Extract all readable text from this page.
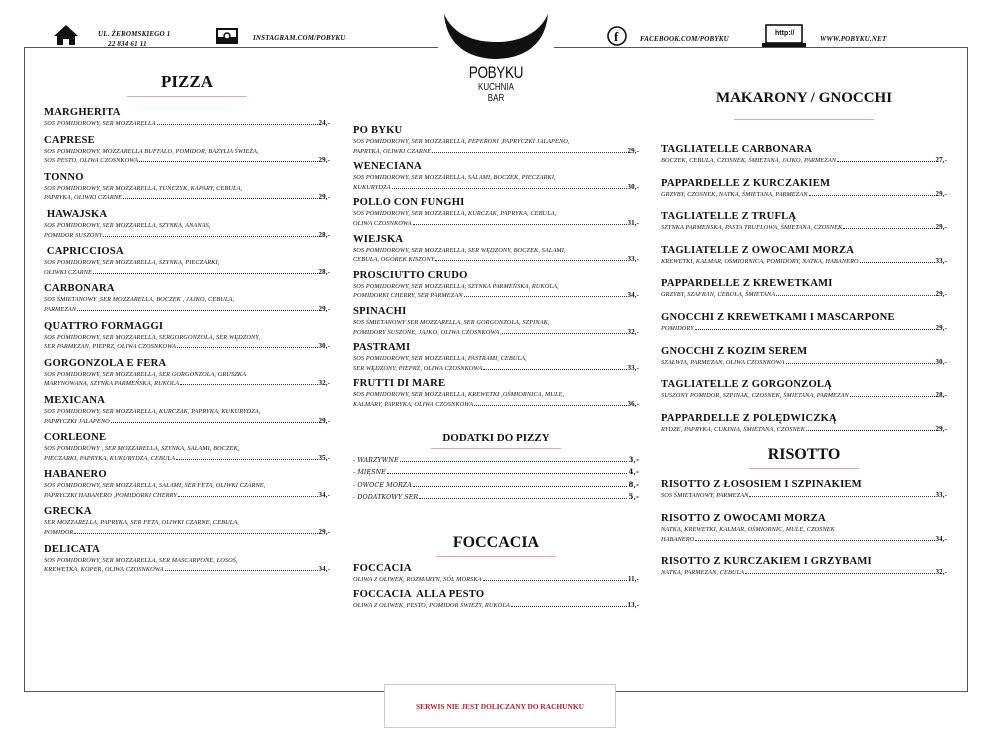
UL. ŻEROMSKIEGO 1
22 834 61 11
INSTAGRAM.COM/POBYKU	f	FACEBOOK.COM/POBYKU
http://
WWW.POBYKU.NET
POBYKU
KUCHNIA
BAR
PIZZA
MARGHERITA
SOS POMIDOROWY, SER MOZZARELLA	24,-
CAPRESE
SOS POMIDOROWY, MOZZARELLA BUFFALO, POMIDOR, BAZYLIA ŚWIEŻA,
SOS PESTO, OLIWA CZOSNKOWA	29,-
TONNO
SOS POMIDOROWY, SER MOZZARELLA, TUŃCZYK, KAPARY, CEBULA,
PAPRYKA, OLIWKI CZARNE	29,-
HAWAJSKA
SOS POMIDOROWY, SER MOZZARELLA, SZYNKA, ANANAS,
POMIDOR SUSZONY	28,-
CAPRICCIOSA
SOS POMIDOROWY, SER MOZZARELLA, SZYNKA, PIECZARKI,
OLIWKI CZARNE	28,-
CARBONARA
SOS ŚMIETANOWY ,SER MOZZARELLA, BOCZEK , JAJKO, CEBULA,
PARMEZAN	29,-
QUATTRO FORMAGGI
SOS POMIDOROWY, SER MOZZARELLA, SERGORGONZOLA, SER WĘDZONY,
SER PARMEZAN, PIEPRZ, OLIWA CZOSNKOWA	30,-
GORGONZOLA E FERA
SOS POMIDOROWY, SER MOZZARELLA, SER GORGONZOLA, GRUSZKA
MARYNOWANA, SZYNKA PARMEŃSKA, RUKOLA	32,-
MEXICANA
SOS POMIDOROWY, SER MOZZARELLA, KURCZAK, PAPRYKA, KUKURYDZA,
PAPRYCZKI JALAPENO	29,-
CORLEONE
SOS POMIDOROWY , SER MOZZARELLA, SZYNKA, SALAMI, BOCZEK,
PIECZARKI, PAPRYKA, KUKURYDZA, CEBULA	35,-
HABANERO
SOS POMIDOROWY, SER MOZZARELLA, SALAMI, SER FETA, OLIWKI CZARNE,
PAPRYCZKI HABANERO ,POMIDORKI CHERRY	34,-
GRECKA
SER MOZZARELLA, PAPRYKA, SER FETA, OLIWKI CZARNE, CEBULA,
POMIDOR	29,-
DELICATA
SOS POMIDOROWY, SER MOZZARELLA, SER MASCARPONE, ŁOSOŚ,
KREWETKA, KOPER, OLIWA CZOSNKOWA	34,-
PO BYKU
SOS POMIDOROWY, SER MOZZARELLA, PEPERONI ,PAPRYCZKI JALAPENO,
PAPRYKA, OLIWKI CZARNE	29,-
WENECIANA
SOS POMIDOROWY, SER MOZZARELLA, SALAMI, BOCZEK, PIECZARKI,
KUKURYDZA	30,-
POLLO CON FUNGHI
SOS POMIDOROWY, SER MOZZARELLA, KURCZAK, PAPRYKA, CEBULA,
OLIWA CZOSNKOWA	31,-
WIEJSKA
SOS POMIDOROWY, SER MOZZARELLA, SER WĘDZONY, BOCZEK, SALAMI,
CEBULA, OGÓREK KISZONY	33,-
PROSCIUTTO CRUDO
SOS POMIDOROWY, SER MOZZARELLA, SZYNKA PARMEŃSKA, RUKOLA,
POMIDORKI CHERRY, SER PARMEZAN	34,-
SPINACHI
SOS ŚMIETANOWY SER MOZZARELLA, SER GORGONZOLA, SZPINAK,
POMIDORY SUSZONE, JAJKO, OLIWA CZOSNKOWA,	32,-
PASTRAMI
SOS POMIDOROWY, SER MOZZARELLA, PASTRAMI, CEBULA,
SER WĘDZONY, PIEPRZ, OLIWA CZOSNKOWA	33,-
FRUTTI DI MARE
SOS POMIDOROWY, SER MOZZARELLA, KREWETKI ,OŚMIORNICA, MULE,
KALMARY, PAPRYKA, OLIWA CZOSNKOWA	36,-
DODATKI DO PIZZY
- WARZYWNE	3,-
- MIĘSNE	4,-
- OWOCE MORZA	8,-
- DODATKOWY SER	5,-
FOCCACIA
FOCCACIA
OLIWA Z OLIWEK, ROZMARYN, SÓL MORSKA	11,-
FOCCACIA  ALLA PESTO
OLIWA Z OLIWEK, PESTO, POMIDOR ŚWIEŻY, RUKOLA	13,-
MAKARONY / GNOCCHI
TAGLIATELLE CARBONARA
BOCZEK, CEBULA, CZOSNEK, ŚMIETANA, JAJKO, PARMEZAN	27,-
PAPPARDELLE Z KURCZAKIEM
GRZYBY, CZOSNEK, NATKA, ŚMIETANA, PARMEZAN	29,-
TAGLIATELLE Z TRUFLĄ
SZYNKA PARMEŃSKA, PASTA TRUFLOWA, ŚMIETANA, CZOSNEK	29,-
TAGLIATELLE Z OWOCAMI MORZA
KREWETKI, KALMAR, OŚMIORNICA, POMIDORY, NATKA, HABANERO	33,-
PAPPARDELLE Z KREWETKAMI
GRZYBY, SZAFRAN, CEBULA, ŚMIETANA	29,-
GNOCCHI Z KREWETKAMI I MASCARPONE
POMIDORY	29,-
GNOCCHI Z KOZIM SEREM
SZAŁWIA, PARMEZAN, OLIWA CZOSNKOWA	30,-
TAGLIATELLE Z GORGONZOLĄ
SUSZONY POMIDOR, SZPINAK, CZOSNEK, ŚMIETANA, PARMEZAN	28,-
PAPPARDELLE Z POLĘDWICZKĄ
RYDZE, PAPRYKA, CUKINIA, ŚMIETANA, CZOSNEK	29,-
RISOTTO
RISOTTO Z ŁOSOSIEM I SZPINAKIEM
SOS ŚMIETANOWY, PARMEZAN	33,-
RISOTTO Z OWOCAMI MORZA
NATKA, KREWETKI, KALMAR, OŚMIORNIC, MULE, CZOSNEK
HABANERO	34,-
RISOTTO Z KURCZAKIEM I GRZYBAMI
NATKA, PARMEZAN, CEBULA	32,-
SERWIS NIE JEST DOLICZANY DO RACHUNKU
